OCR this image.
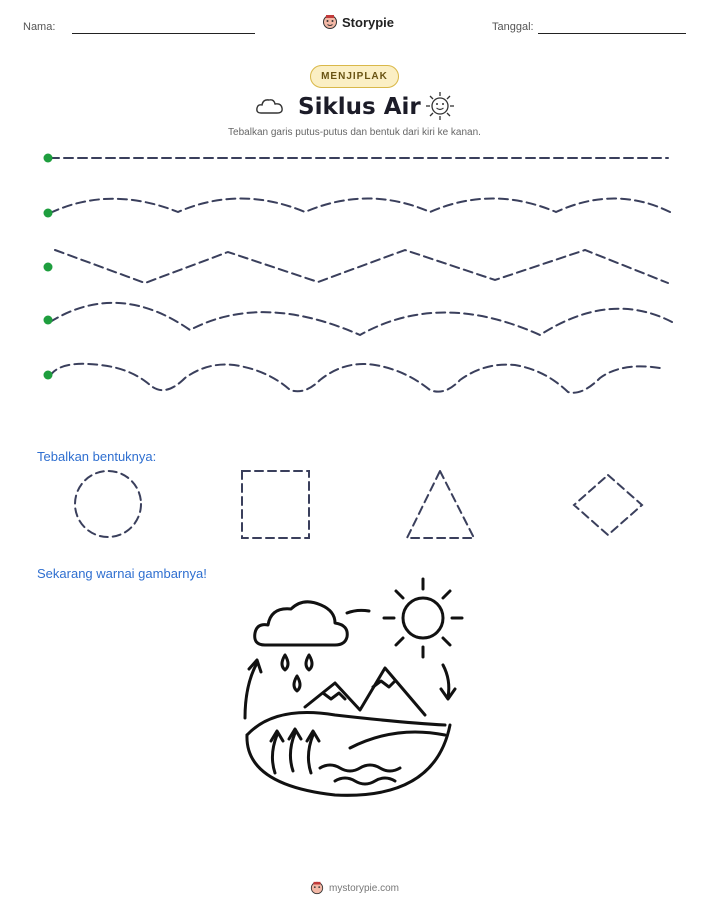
Nama:	Storypie	Tanggal:
MENJIPLAK
Siklus Air
Tebalkan garis putus-putus dan bentuk dari kiri ke kanan.
Tebalkan bentuknya:
Sekarang warnai gambarnya!
mystorypie.com
